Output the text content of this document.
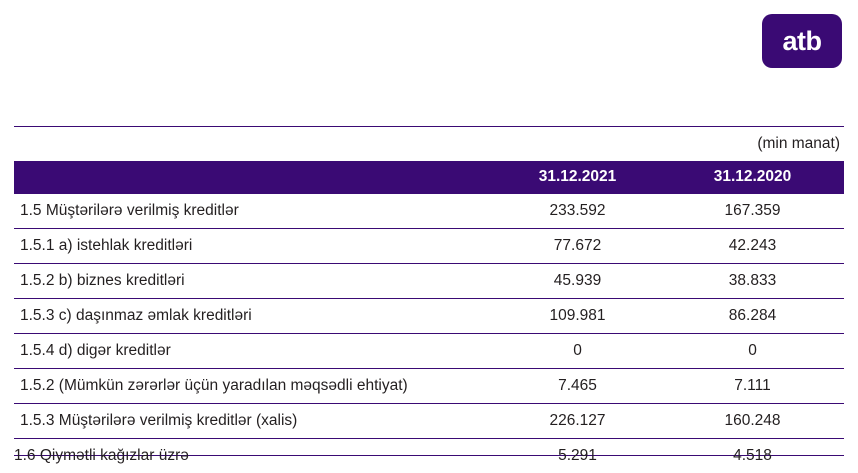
atb
(min manat)
	31.12.2021	31.12.2020
1.5 Müştərilərə verilmiş kreditlər	233.592	167.359
1.5.1 a) istehlak kreditləri	77.672	42.243
1.5.2 b) biznes kreditləri	45.939	38.833
1.5.3 c) daşınmaz əmlak kreditləri	109.981	86.284
1.5.4 d) digər kreditlər	0	0
1.5.2 (Mümkün zərərlər üçün yaradılan məqsədli ehtiyat)	7.465	7.111
1.5.3 Müştərilərə verilmiş kreditlər (xalis)	226.127	160.248

1.6 Qiymətli kağızlar üzrə	5.291	4.518
